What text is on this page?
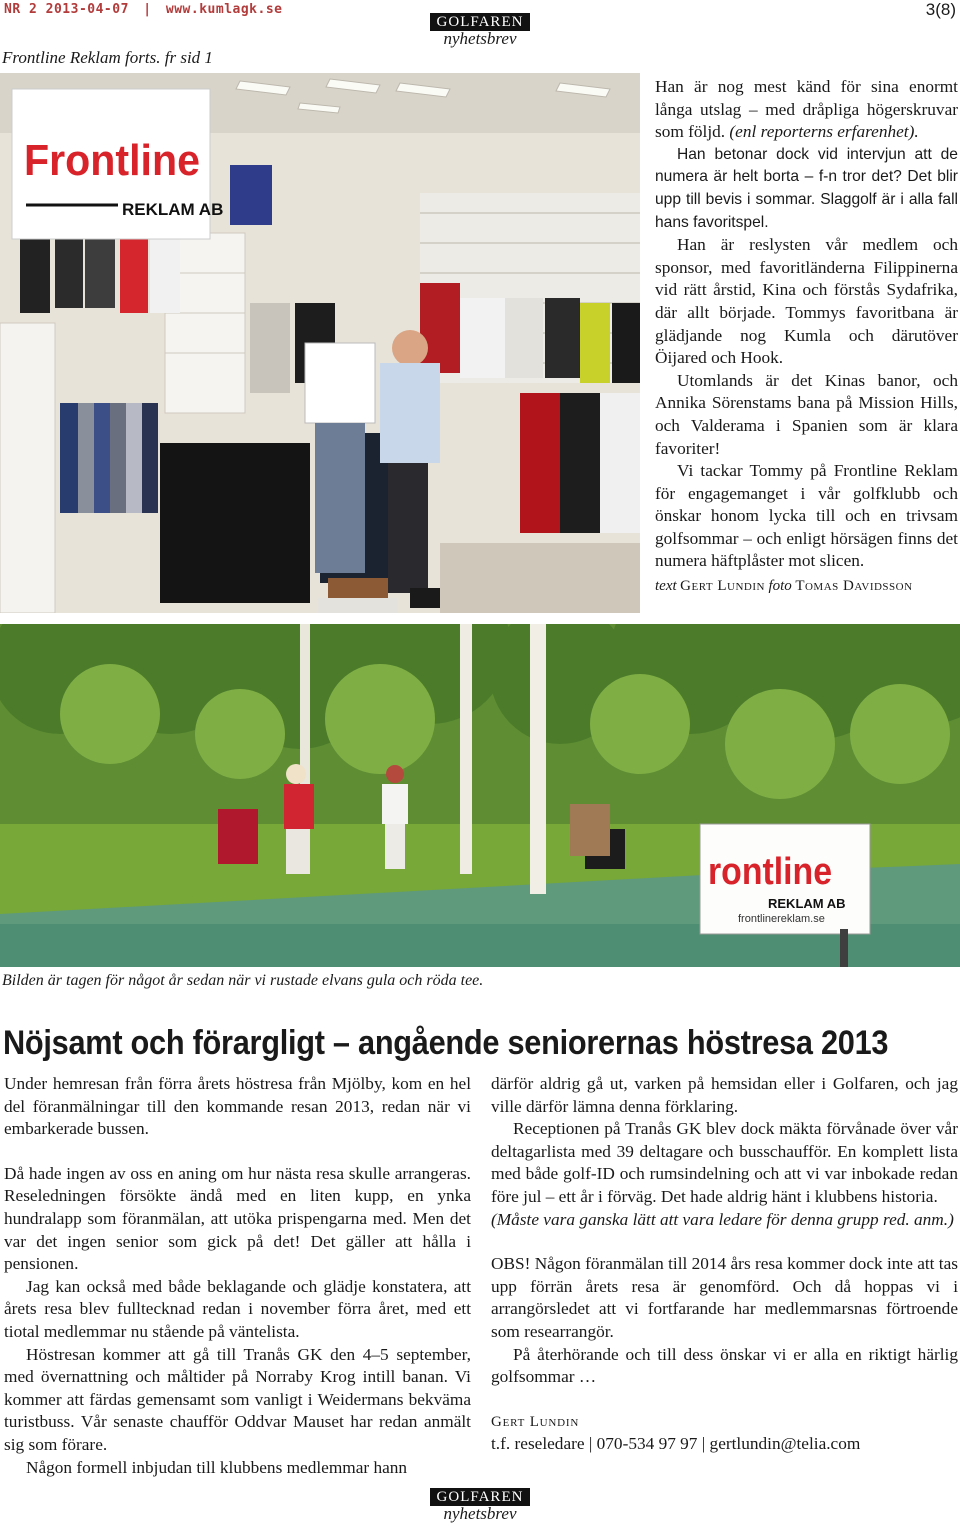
NR 2 2013-04-07 | www.kumlagk.se	3(8)
GOLFAREN
nyhetsbrev
Frontline Reklam forts. fr sid 1
Frontline
REKLAM AB

Han är nog mest känd för sina enormt långa utslag – med dråpliga högerskruvar som följd. (enl reporterns erfarenhet).

Han betonar dock vid intervjun att de numera är helt borta – f-n tror det? Det blir upp till bevis i sommar. Slaggolf är i alla fall hans favoritspel.

Han är reslysten vår medlem och sponsor, med favoritländerna Filippinerna vid rätt årstid, Kina och förstås Sydafrika, där allt började. Tommys favoritbana är glädjande nog Kumla och därutöver Öijared och Hook.

Utomlands är det Kinas banor, och Annika Sörenstams bana på Mission Hills, och Valderama i Spanien som är klara favoriter!

Vi tackar Tommy på Frontline Reklam för engagemanget i vår golfklubb och önskar honom lycka till och en trivsam golfsommar – och enligt hörsägen finns det numera häftplåster mot slicen.

text Gert Lundin foto Tomas Davidsson
rontline
REKLAM AB
frontlinereklam.se
Bilden är tagen för något år sedan när vi rustade elvans gula och röda tee.
Nöjsamt och förargligt – angående seniorernas höstresa 2013

Under hemresan från förra årets höstresa från Mjölby, kom en hel del föranmälningar till den kommande resan 2013, redan när vi embarkerade bussen.

Då hade ingen av oss en aning om hur nästa resa skulle arrangeras. Reseledningen försökte ändå med en liten kupp, en ynka hundralapp som föranmälan, att utöka prispengarna med. Men det var det ingen senior som gick på det! Det gäller att hålla i pensionen.

Jag kan också med både beklagande och glädje konstatera, att årets resa blev fulltecknad redan i november förra året, med ett tiotal medlemmar nu stående på väntelista.

Höstresan kommer att gå till Tranås GK den 4–5 september, med övernattning och måltider på Norraby Krog intill banan. Vi kommer att färdas gemensamt som vanligt i Weidermans bekväma turistbuss. Vår senaste chaufför Oddvar Mauset har redan anmält sig som förare.

Någon formell inbjudan till klubbens medlemmar hann

därför aldrig gå ut, varken på hemsidan eller i Golfaren, och jag ville därför lämna denna förklaring.

Receptionen på Tranås GK blev dock mäkta förvånade över vår deltagarlista med 39 deltagare och busschaufför. En komplett lista med både golf-ID och rumsindelning och att vi var inbokade redan före jul – ett år i förväg. Det hade aldrig hänt i klubbens historia.

(Måste vara ganska lätt att vara ledare för denna grupp red. anm.)

OBS! Någon föranmälan till 2014 års resa kommer dock inte att tas upp förrän årets resa är genomförd. Och då hoppas vi i arrangörsledet att vi fortfarande har medlemmarsnas förtroende som researrangör.

På återhörande och till dess önskar vi er alla en riktigt härlig golfsommar …

Gert Lundin

t.f. reseledare | 070-534 97 97 | gertlundin@telia.com

GOLFAREN
nyhetsbrev
